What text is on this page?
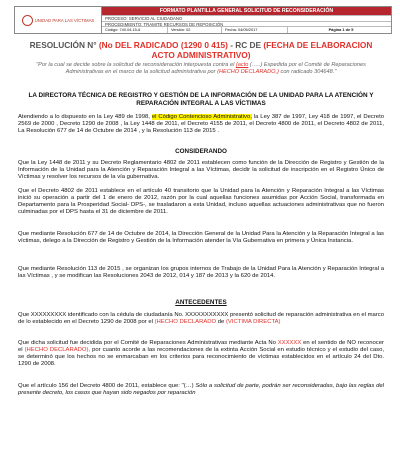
UNIDAD PARA LAS VÍCTIMAS
FORMATO PLANTILLA GENERAL SOLICITUD DE RECONSIDERACIÓN
PROCESO: SERVICIO AL CIUDADANO
PROCEDIMIENTO: TRAMITE RECURSOS DE REPOSICIÓN
Código: 740.04.15-6	Versión: 02	Fecha: 04/05/2017	Página 1 de 5
RESOLUCIÓN N° (No DEL RADICADO (1290 0 415) - RC DE (FECHA DE ELABORACION ACTO ADMINISTRATIVO)
"Por la cual se decide sobre la solicitud de reconsideración interpuesta contra el (acto (…..) Expedida por el Comité de Reparaciones Administrativas en el marco de la solicitud administrativa por (HECHO DECLARADO,) con radicado 304648."
LA DIRECTORA TÉCNICA DE REGISTRO Y GESTIÓN DE LA INFORMACIÓN DE LA UNIDAD PARA LA ATENCIÓN Y REPARACIÓN INTEGRAL A LAS VÍCTIMAS
Atendiendo a lo dispuesto en la Ley 489 de 1998, el Código Contencioso Administrativo, la Ley 387 de 1997, Ley 418 de 1997, el Decreto 2569 de 2000 , Decreto 1290 de 2008 , la Ley 1448 de 2011, el Decreto 4155 de 2011, el Decreto 4800 de 2011, el Decreto 4802 de 2011, La Resolución 677 de 14 de Octubre de 2014 , y la Resolución 113 de 2015 .
CONSIDERANDO
Que la Ley 1448 de 2011 y su Decreto Reglamentario 4802 de 2011 establecen como función de la Dirección de Registro y Gestión de la Información de la Unidad para la Atención y Reparación Integral a las Víctimas, decidir la solicitud de inscripción en el Registro Único de Víctimas y resolver los recursos de la vía gubernativa.
Que el Decreto 4802 de 2011 establece en el artículo 40 transitorio que la Unidad para la Atención y Reparación Integral a las Víctimas inició su operación a partir del 1 de enero de 2012, razón por la cual aquellas funciones asumidas por Acción Social, transformada en Departamento para la Prosperidad Social- DPS-, se trasladaron a esta Unidad, incluso aquellas actuaciones administrativas que no fueron culminadas por el DPS hasta el 31 de diciembre de 2011.
Que mediante Resolución 677 de 14 de Octubre de 2014, la Dirección General de la Unidad Para la Atención y la Reparación Integral a las víctimas, delego a la Dirección de Registro y Gestión de la Información atender la Vía Gubernativa en primera y Única Instancia.
Que mediante Resolución 113 de 2015 , se organizan los grupos internos de Trabajo de la Unidad Para la Atención y Reparación Integral a las Víctimas , y se modifican las Resoluciones 2043 de 2012, 014 y 187 de 2013 y la 620 de 2014.
ANTECEDENTES
Que XXXXXXXXX identificado con la cédula de ciudadanía No. XXXXXXXXXXX presentó solicitud de reparación administrativa en el marco de lo establecido en el Decreto 1290 de 2008 por el (HECHO DECLARADO de (VICTIMA DIRECTA)
Que dicha solicitud fue decidida por el Comité de Reparaciones Administrativas mediante Acta No XXXXXX en el sentido de NO reconocer el (HECHO DECLARADO), por cuanto acorde a las recomendaciones de la extinta Acción Social en estudio técnico y el estudio del caso, se determinó que los hechos no se enmarcaban en los criterios para reconocimiento de víctimas establecidos en el artículo 24 del Dto. 1290 de 2008.
Que el artículo 156 del Decreto 4800 de 2011, establece que: "(…) Sólo a solicitud de parte, podrán ser reconsideradas, bajo las reglas del presente decreto, los casos que hayan sido negados por reparación
